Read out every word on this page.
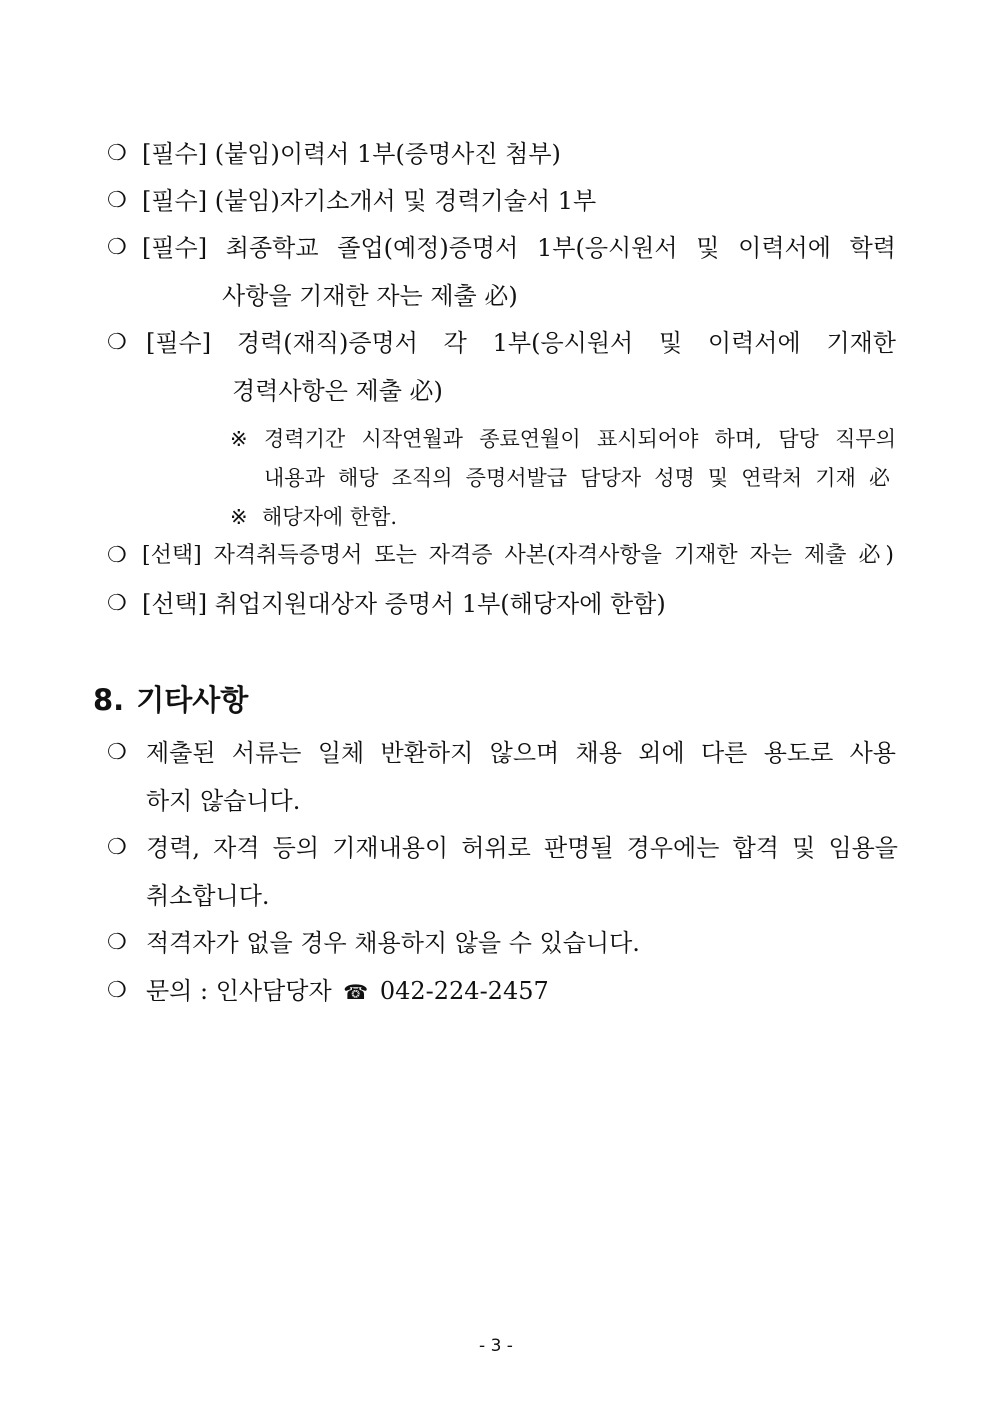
❍ [필수] (붙임)이력서 1부(증명사진 첨부)
❍ [필수] (붙임)자기소개서 및 경력기술서 1부
❍ [필수] 최종학교 졸업(예정)증명서 1부(응시원서 및 이력서에 학력
사항을 기재한 자는 제출 必)
❍ [필수] 경력(재직)증명서 각 1부(응시원서 및 이력서에 기재한
경력사항은 제출 必)
※ 경력기간 시작연월과 종료연월이 표시되어야 하며, 담당 직무의
내용과 해당 조직의 증명서발급 담당자 성명 및 연락처 기재 必
※ 해당자에 한함.
❍ [선택] 자격취득증명서 또는 자격증 사본(자격사항을 기재한 자는 제출 必)
❍ [선택] 취업지원대상자 증명서 1부(해당자에 한함)
8. 기타사항
❍ 제출된 서류는 일체 반환하지 않으며 채용 외에 다른 용도로 사용
하지 않습니다.
❍ 경력, 자격 등의 기재내용이 허위로 판명될 경우에는 합격 및 임용을
취소합니다.
❍ 적격자가 없을 경우 채용하지 않을 수 있습니다.
❍ 문의 : 인사담당자 ☎ 042-224-2457
- 3 -
